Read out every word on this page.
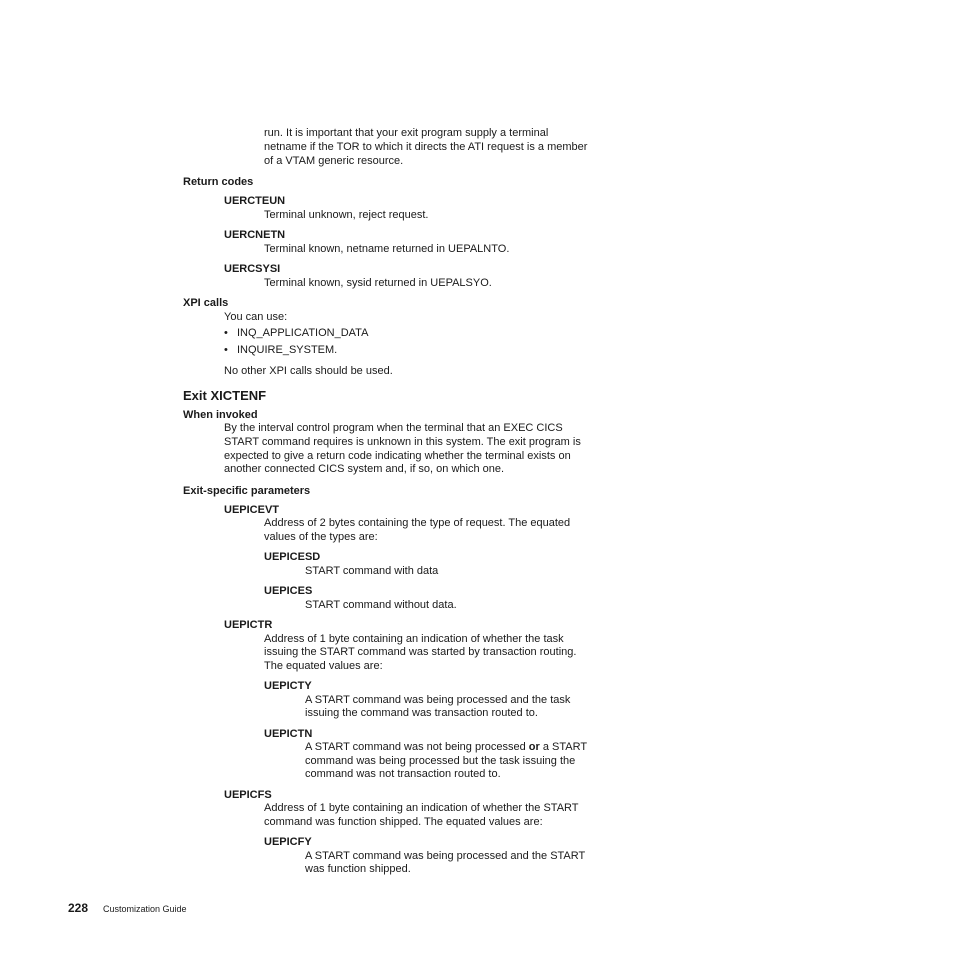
run. It is important that your exit program supply a terminal
netname if the TOR to which it directs the ATI request is a member
of a VTAM generic resource.
Return codes
UERCTEUN
Terminal unknown, reject request.
UERCNETN
Terminal known, netname returned in UEPALNTO.
UERCSYSI
Terminal known, sysid returned in UEPALSYO.
XPI calls
You can use:
• INQ_APPLICATION_DATA
• INQUIRE_SYSTEM.
No other XPI calls should be used.
Exit XICTENF
When invoked
By the interval control program when the terminal that an EXEC CICS
START command requires is unknown in this system. The exit program is
expected to give a return code indicating whether the terminal exists on
another connected CICS system and, if so, on which one.
Exit-specific parameters
UEPICEVT
Address of 2 bytes containing the type of request. The equated
values of the types are:
UEPICESD
START command with data
UEPICES
START command without data.
UEPICTR
Address of 1 byte containing an indication of whether the task
issuing the START command was started by transaction routing.
The equated values are:
UEPICTY
A START command was being processed and the task
issuing the command was transaction routed to.
UEPICTN
A START command was not being processed or a START
command was being processed but the task issuing the
command was not transaction routed to.
UEPICFS
Address of 1 byte containing an indication of whether the START
command was function shipped. The equated values are:
UEPICFY
A START command was being processed and the START
was function shipped.
228 Customization Guide
